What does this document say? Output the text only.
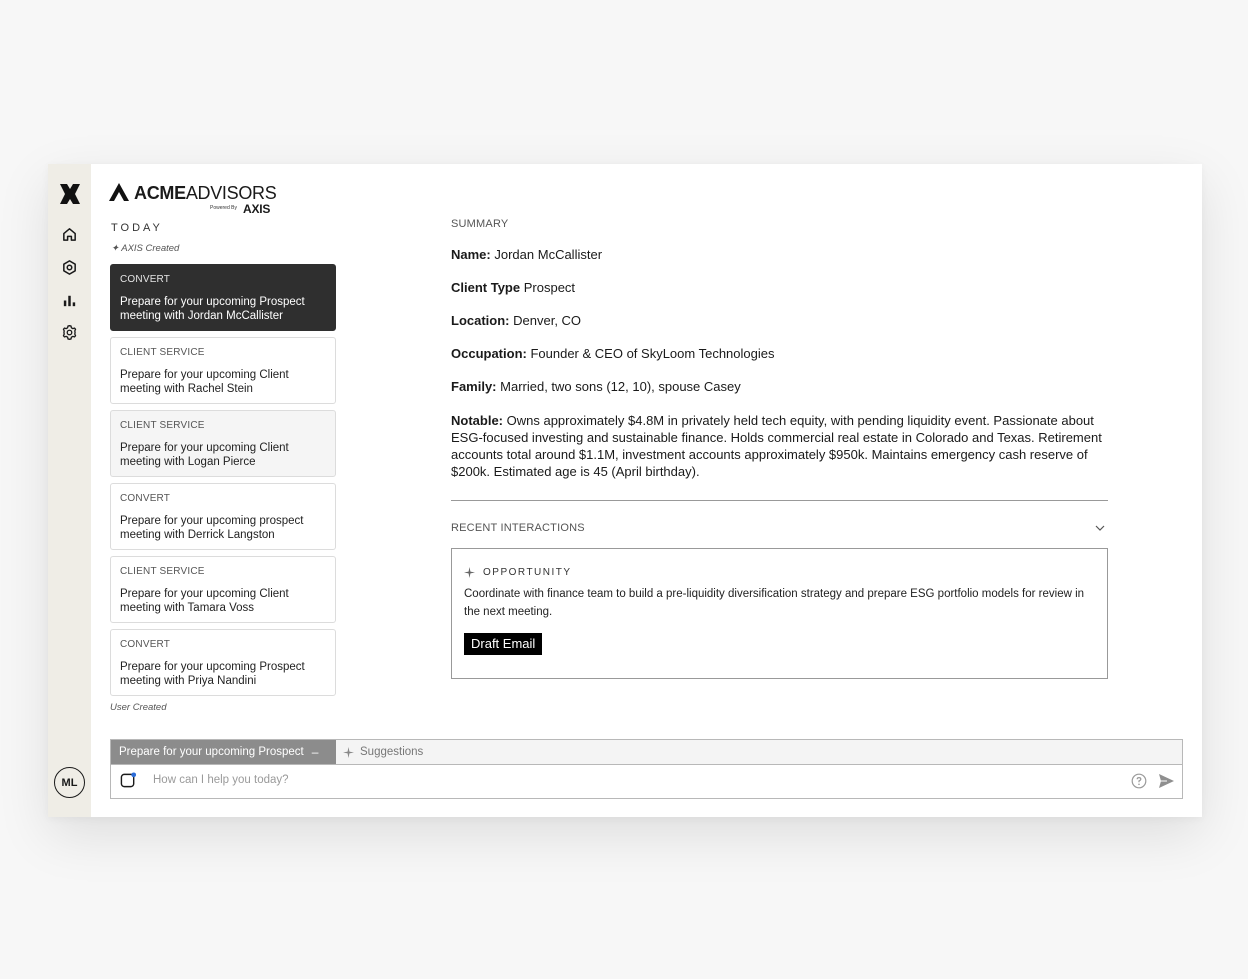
ML
ACMEADVISORS
Powered By AXIS
TODAY
✦ AXIS Created
CONVERT
Prepare for your upcoming Prospect meeting with Jordan McCallister
CLIENT SERVICE
Prepare for your upcoming Client meeting with Rachel Stein
CLIENT SERVICE
Prepare for your upcoming Client meeting with Logan Pierce
CONVERT
Prepare for your upcoming prospect meeting with Derrick Langston
CLIENT SERVICE
Prepare for your upcoming Client meeting with Tamara Voss
CONVERT
Prepare for your upcoming Prospect meeting with Priya Nandini
User Created
SUMMARY
Name: Jordan McCallister
Client Type Prospect
Location: Denver, CO
Occupation: Founder & CEO of SkyLoom Technologies
Family: Married, two sons (12, 10), spouse Casey
Notable: Owns approximately $4.8M in privately held tech equity, with pending liquidity event. Passionate about ESG-focused investing and sustainable finance. Holds commercial real estate in Colorado and Texas. Retirement accounts total around $1.1M, investment accounts approximately $950k. Maintains emergency cash reserve of $200k. Estimated age is 45 (April birthday).
RECENT INTERACTIONS
OPPORTUNITY
Coordinate with finance team to build a pre-liquidity diversification strategy and prepare ESG portfolio models for review in the next meeting.
Draft Email
Prepare for your upcoming Prospect –	Suggestions
How can I help you today?
